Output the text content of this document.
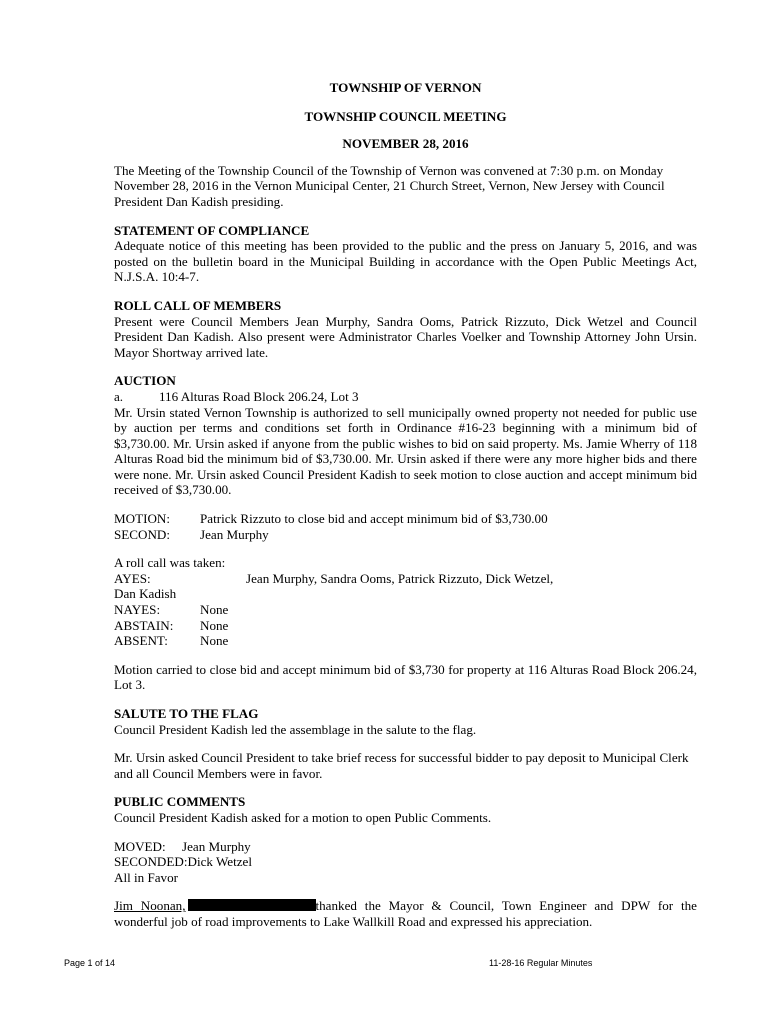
TOWNSHIP OF VERNON

TOWNSHIP COUNCIL MEETING

NOVEMBER 28, 2016

The Meeting of the Township Council of the Township of Vernon was convened at 7:30 p.m. on Monday November 28, 2016 in the Vernon Municipal Center, 21 Church Street, Vernon, New Jersey with Council President Dan Kadish presiding.

STATEMENT OF COMPLIANCE

Adequate notice of this meeting has been provided to the public and the press on January 5, 2016, and was posted on the bulletin board in the Municipal Building in accordance with the Open Public Meetings Act, N.J.S.A. 10:4-7.

ROLL CALL OF MEMBERS

Present were Council Members Jean Murphy, Sandra Ooms, Patrick Rizzuto, Dick Wetzel and Council President Dan Kadish. Also present were Administrator Charles Voelker and Township Attorney John Ursin. Mayor Shortway arrived late.

AUCTION

a.	116 Alturas Road Block 206.24, Lot 3

Mr. Ursin stated Vernon Township is authorized to sell municipally owned property not needed for public use by auction per terms and conditions set forth in Ordinance #16-23 beginning with a minimum bid of $3,730.00. Mr. Ursin asked if anyone from the public wishes to bid on said property. Ms. Jamie Wherry of 118 Alturas Road bid the minimum bid of $3,730.00. Mr. Ursin asked if there were any more higher bids and there were none. Mr. Ursin asked Council President Kadish to seek motion to close auction and accept minimum bid received of $3,730.00.

MOTION:	Patrick Rizzuto to close bid and accept minimum bid of $3,730.00
SECOND:	Jean Murphy

A roll call was taken:

AYES:	Jean Murphy, Sandra Ooms, Patrick Rizzuto, Dick Wetzel,

Dan Kadish

NAYES:	None
ABSTAIN:	None
ABSENT:	None

Motion carried to close bid and accept minimum bid of $3,730 for property at 116 Alturas Road Block 206.24, Lot 3.

SALUTE TO THE FLAG

Council President Kadish led the assemblage in the salute to the flag.

Mr. Ursin asked Council President to take brief recess for successful bidder to pay deposit to Municipal Clerk and all Council Members were in favor.

PUBLIC COMMENTS

Council President Kadish asked for a motion to open Public Comments.

MOVED:	Jean Murphy
SECONDED: Dick Wetzel

All in Favor

Jim Noonan,	thanked the Mayor & Council, Town Engineer and DPW for the wonderful job of road improvements to Lake Wallkill Road and expressed his appreciation.

Page 1 of 14	11-28-16 Regular Minutes
